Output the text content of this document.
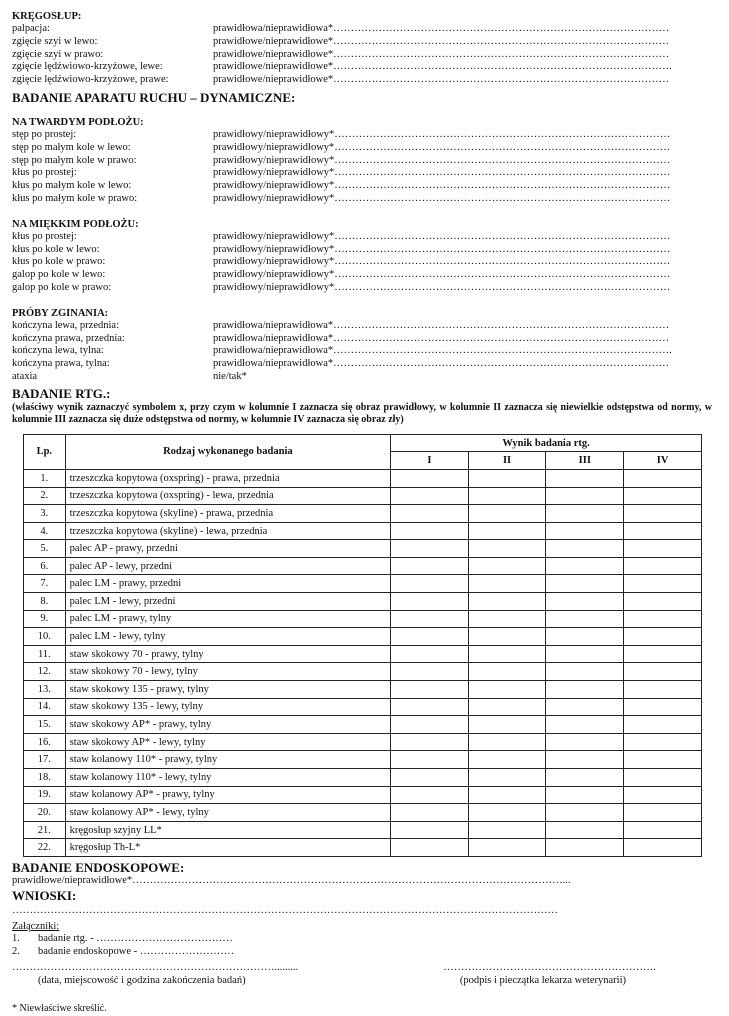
KRĘGOSŁUP:
palpacja:	prawidłowa/nieprawidłowa*……………………………………………………………………………………
zgięcie szyi w lewo:	prawidłowe/nieprawidłowe*……………………………………………………………………………………
zgięcie szyi w prawo:	prawidłowe/nieprawidłowe*……………………………………………………………………………………
zgięcie lędźwiowo-krzyżowe, lewe:	prawidłowe/nieprawidłowe*…………………………………………………………………………………….
zgięcie lędźwiowo-krzyżowe, prawe:	prawidłowe/nieprawidłowe*……………………………………………………………………………………
BADANIE APARATU RUCHU – DYNAMICZNE:
NA TWARDYM PODŁOŻU:
stęp po prostej:	prawidłowy/nieprawidłowy*……………………………………………………………………………………
stęp po małym kole w lewo:	prawidłowy/nieprawidłowy*……………………………………………………………………………………
stęp po małym kole w prawo:	prawidłowy/nieprawidłowy*……………………………………………………………………………………
kłus po prostej:	prawidłowy/nieprawidłowy*……………………………………………………………………………………
kłus po małym kole w lewo:	prawidłowy/nieprawidłowy*……………………………………………………………………………………
kłus po małym kole w prawo:	prawidłowy/nieprawidłowy*……………………………………………………………………………………
NA MIĘKKIM PODŁOŻU:
kłus po prostej:	prawidłowy/nieprawidłowy*……………………………………………………………………………………
kłus po kole w lewo:	prawidłowy/nieprawidłowy*……………………………………………………………………………………
kłus po kole w prawo:	prawidłowy/nieprawidłowy*……………………………………………………………………………………
galop po kole w lewo:	prawidłowy/nieprawidłowy*……………………………………………………………………………………
galop po kole w prawo:	prawidłowy/nieprawidłowy*……………………………………………………………………………………
PRÓBY ZGINANIA:
kończyna lewa, przednia:	prawidłowa/nieprawidłowa*……………………………………………………………………………………
kończyna prawa, przednia:	prawidłowa/nieprawidłowa*……………………………………………………………………………………
kończyna lewa, tylna:	prawidłowa/nieprawidłowa*…………………………………………………………………………………….
kończyna prawa, tylna:	prawidłowa/nieprawidłowa*……………………………………………………………………………………
ataxia	nie/tak*
BADANIE RTG.:
(właściwy wynik zaznaczyć symbolem x, przy czym w kolumnie I zaznacza się obraz prawidłowy, w kolumnie II zaznacza się niewielkie odstępstwa od normy, w kolumnie III zaznacza się duże odstępstwa od normy, w kolumnie IV zaznacza się obraz zły)
Lp.	Rodzaj wykonanego badania	Wynik badania rtg.			
		I	II	III	IV
1.	trzeszczka kopytowa (oxspring) - prawa, przednia				
2.	trzeszczka kopytowa (oxspring) - lewa, przednia				
3.	trzeszczka kopytowa (skyline) - prawa, przednia				
4.	trzeszczka kopytowa (skyline) - lewa, przednia				
5.	palec AP - prawy, przedni				
6.	palec AP - lewy, przedni				
7.	palec LM - prawy, przedni				
8.	palec LM - lewy, przedni				
9.	palec LM - prawy, tylny				
10.	palec LM - lewy, tylny				
11.	staw skokowy 70 - prawy, tylny				
12.	staw skokowy 70 - lewy, tylny				
13.	staw skokowy 135 - prawy, tylny				
14.	staw skokowy 135 - lewy, tylny				
15.	staw skokowy AP* - prawy, tylny				
16.	staw skokowy AP* - lewy, tylny				
17.	staw kolanowy 110* - prawy, tylny				
18.	staw kolanowy 110* - lewy, tylny				
19.	staw kolanowy AP* - prawy, tylny				
20.	staw kolanowy AP* - lewy, tylny				
21.	kręgosłup szyjny LL*				
22.	kręgosłup Th-L*				
BADANIE ENDOSKOPOWE:
prawidłowe/nieprawidłowe*……………………………………………………………………………………………………………...
WNIOSKI:
…………………………………………………………………………………………………………………………………………
Załączniki:
1.	badanie rtg. - …………………………………
2.	badanie endoskopowe - ………………………
………………………………………………………………….........	…………………………………………………….
(data, miejscowość i godzina zakończenia badań)	(podpis i pieczątka lekarza weterynarii)
* Niewłaściwe skreślić.
